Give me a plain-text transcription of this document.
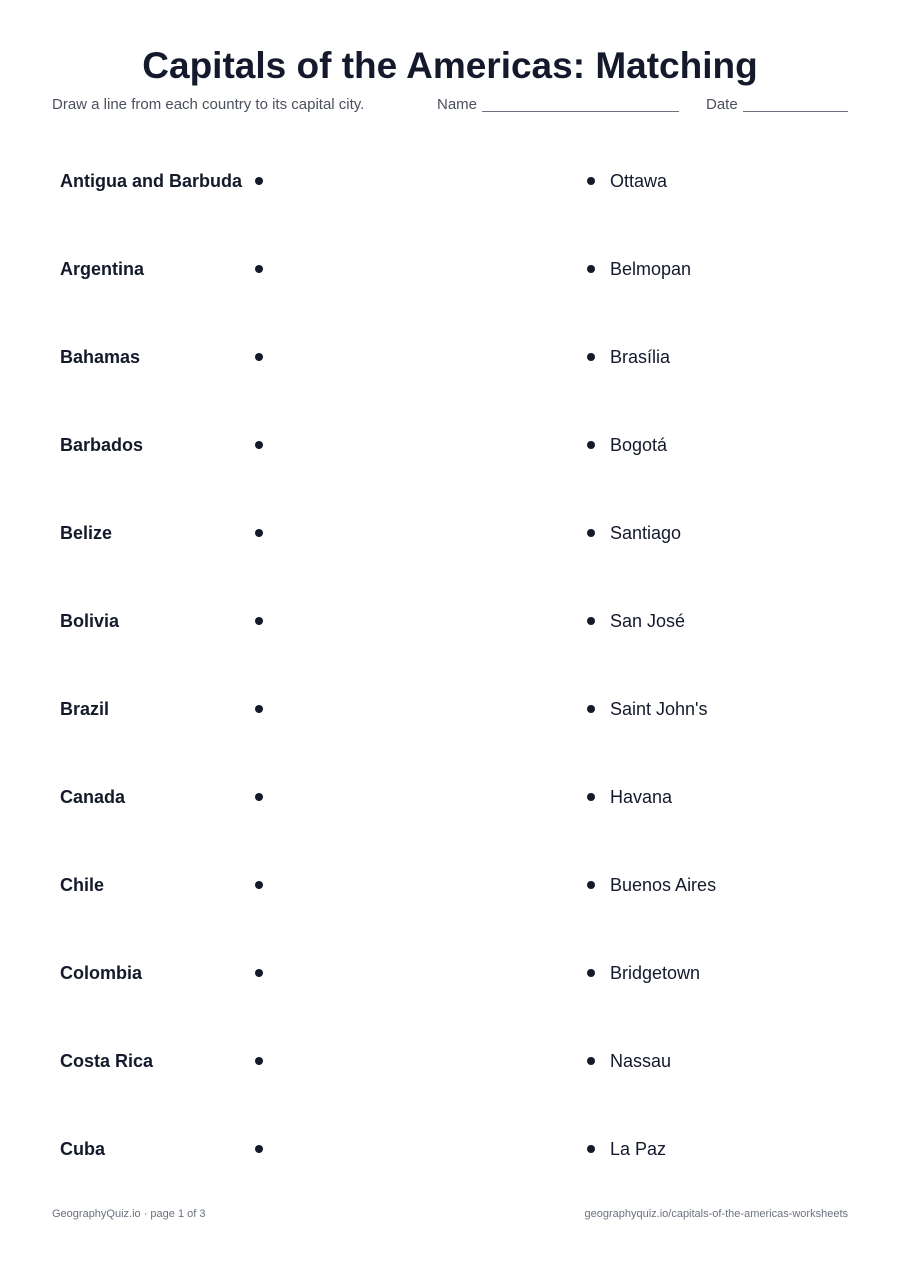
Capitals of the Americas: Matching
Draw a line from each country to its capital city.	Name	Date
Antigua and Barbuda	Ottawa
Argentina	Belmopan
Bahamas	Brasília
Barbados	Bogotá
Belize	Santiago
Bolivia	San José
Brazil	Saint John's
Canada	Havana
Chile	Buenos Aires
Colombia	Bridgetown
Costa Rica	Nassau
Cuba	La Paz
GeographyQuiz.io · page 1 of 3	geographyquiz.io/capitals-of-the-americas-worksheets
